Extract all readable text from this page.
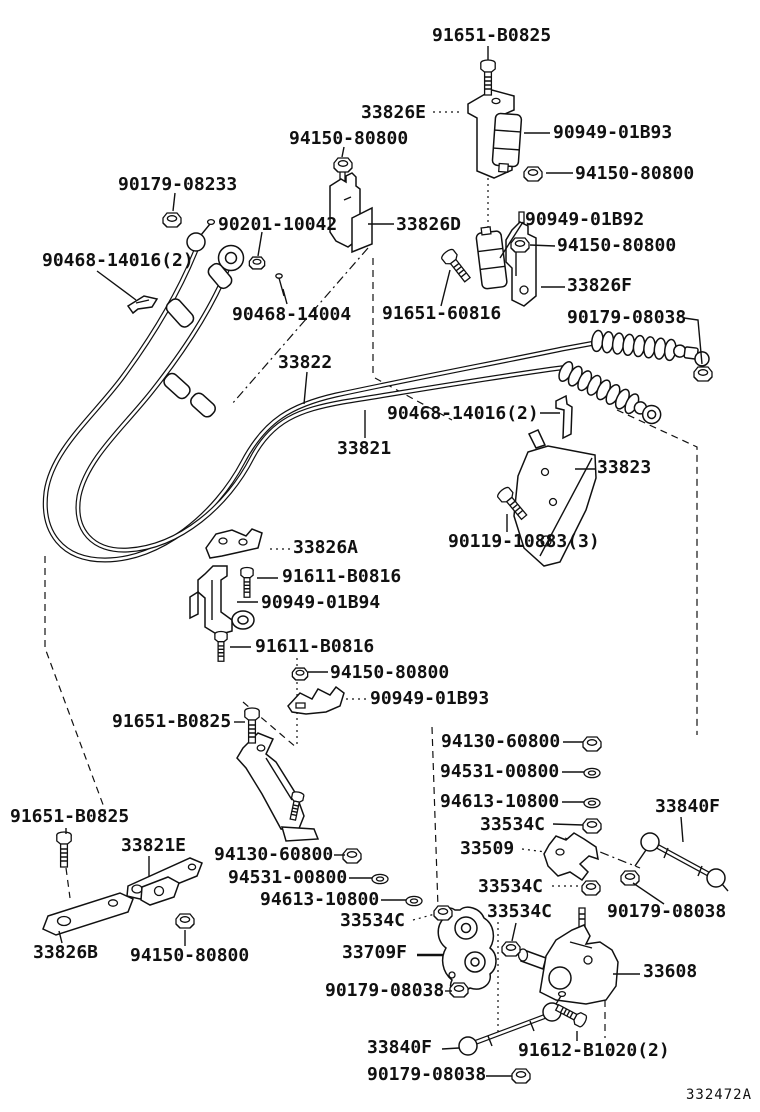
91651-B0825
33826E
94150-80800	90949-01B93
94150-80800
90179-08233
90201-10042	33826D	90949-01B92
94150-80800
90468-14016(2)
33826F
90468-14004 91651-60816	90179-08038
33822
90468-14016(2)
33821
33823
90119-10883(3)
33826A
91611-B0816
90949-01B94
91611-B0816
94150-80800
90949-01B93
91651-B0825
94130-60800
94531-00800
94613-10800
33534C
33509
33840F
33534C
91651-B0825
33821E 94130-60800
94531-00800
94613-10800
33534C	33534C	90179-08038
33709F
33826B 94150-80800
90179-08038
33608
33840F	91612-B1020(2)
90179-08038
332472A
